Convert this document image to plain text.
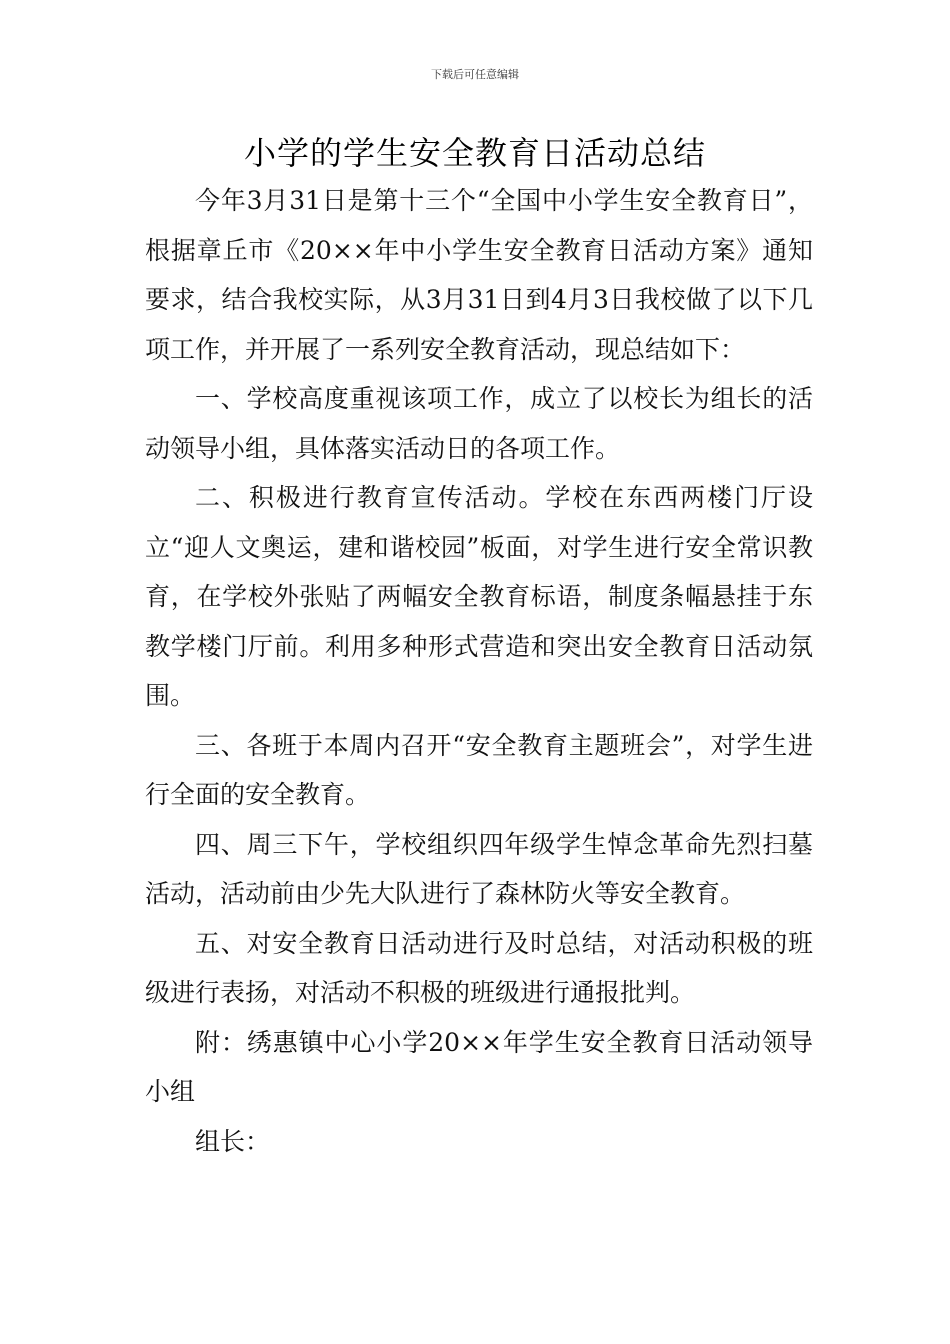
下载后可任意编辑
小学的学生安全教育日活动总结

今年3月31日是第十三个“全国中小学生安全教育日”，根据章丘市《20××年中小学生安全教育日活动方案》通知要求，结合我校实际，从3月31日到4月3日我校做了以下几项工作，并开展了一系列安全教育活动，现总结如下：

一、学校高度重视该项工作，成立了以校长为组长的活动领导小组，具体落实活动日的各项工作。

二、积极进行教育宣传活动。学校在东西两楼门厅设立“迎人文奥运，建和谐校园”板面，对学生进行安全常识教育，在学校外张贴了两幅安全教育标语，制度条幅悬挂于东教学楼门厅前。利用多种形式营造和突出安全教育日活动氛围。

三、各班于本周内召开“安全教育主题班会”，对学生进行全面的安全教育。

四、周三下午，学校组织四年级学生悼念革命先烈扫墓活动，活动前由少先大队进行了森林防火等安全教育。

五、对安全教育日活动进行及时总结，对活动积极的班级进行表扬，对活动不积极的班级进行通报批判。

附：绣惠镇中心小学20××年学生安全教育日活动领导小组

组长：
